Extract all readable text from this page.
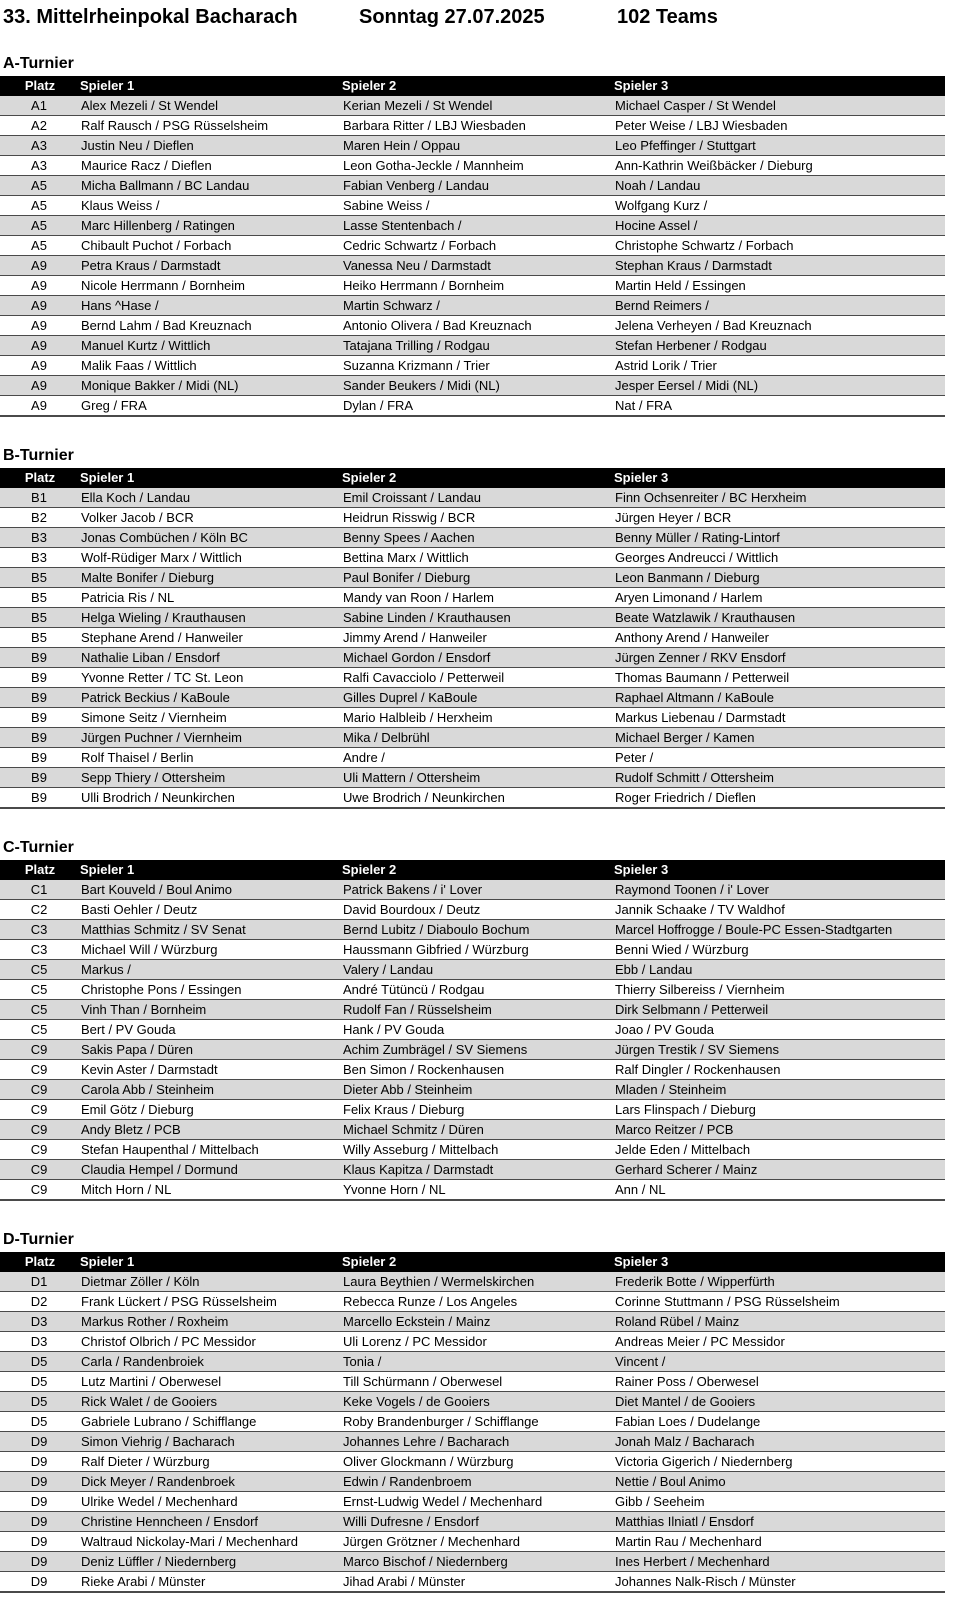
33. Mittelrheinpokal Bacharach	Sonntag 27.07.2025	102 Teams
A-Turnier
Platz	Spieler 1	Spieler 2	Spieler 3
A1	Alex Mezeli / St Wendel	Kerian Mezeli / St Wendel	Michael Casper / St Wendel
A2	Ralf Rausch / PSG Rüsselsheim	Barbara Ritter / LBJ Wiesbaden	Peter Weise / LBJ Wiesbaden
A3	Justin Neu / Dieflen	Maren Hein / Oppau	Leo Pfeffinger / Stuttgart
A3	Maurice Racz / Dieflen	Leon Gotha-Jeckle / Mannheim	Ann-Kathrin Weißbäcker / Dieburg
A5	Micha Ballmann / BC Landau	Fabian Venberg / Landau	Noah / Landau
A5	Klaus Weiss /	Sabine Weiss /	Wolfgang Kurz /
A5	Marc Hillenberg / Ratingen	Lasse Stentenbach /	Hocine Assel /
A5	Chibault Puchot / Forbach	Cedric Schwartz / Forbach	Christophe Schwartz / Forbach
A9	Petra Kraus / Darmstadt	Vanessa Neu / Darmstadt	Stephan Kraus / Darmstadt
A9	Nicole Herrmann / Bornheim	Heiko Herrmann / Bornheim	Martin Held / Essingen
A9	Hans ^Hase /	Martin Schwarz /	Bernd Reimers /
A9	Bernd Lahm / Bad Kreuznach	Antonio Olivera / Bad Kreuznach	Jelena Verheyen / Bad Kreuznach
A9	Manuel Kurtz / Wittlich	Tatajana Trilling / Rodgau	Stefan Herbener / Rodgau
A9	Malik Faas / Wittlich	Suzanna Krizmann / Trier	Astrid Lorik / Trier
A9	Monique Bakker / Midi (NL)	Sander Beukers / Midi (NL)	Jesper Eersel / Midi (NL)
A9	Greg / FRA	Dylan / FRA	Nat / FRA
B-Turnier
Platz	Spieler 1	Spieler 2	Spieler 3
B1	Ella Koch / Landau	Emil Croissant / Landau	Finn Ochsenreiter / BC Herxheim
B2	Volker Jacob / BCR	Heidrun Risswig / BCR	Jürgen Heyer / BCR
B3	Jonas Combüchen / Köln BC	Benny Spees / Aachen	Benny Müller / Rating-Lintorf
B3	Wolf-Rüdiger Marx / Wittlich	Bettina Marx / Wittlich	Georges Andreucci / Wittlich
B5	Malte Bonifer / Dieburg	Paul Bonifer / Dieburg	Leon Banmann / Dieburg
B5	Patricia Ris / NL	Mandy van Roon / Harlem	Aryen Limonand / Harlem
B5	Helga Wieling / Krauthausen	Sabine Linden / Krauthausen	Beate Watzlawik / Krauthausen
B5	Stephane Arend / Hanweiler	Jimmy Arend / Hanweiler	Anthony Arend / Hanweiler
B9	Nathalie Liban / Ensdorf	Michael Gordon / Ensdorf	Jürgen Zenner / RKV Ensdorf
B9	Yvonne Retter / TC St. Leon	Ralfi Cavacciolo / Petterweil	Thomas Baumann / Petterweil
B9	Patrick Beckius / KaBoule	Gilles Duprel / KaBoule	Raphael Altmann / KaBoule
B9	Simone Seitz / Viernheim	Mario Halbleib / Herxheim	Markus Liebenau / Darmstadt
B9	Jürgen Puchner / Viernheim	Mika / Delbrühl	Michael Berger / Kamen
B9	Rolf Thaisel / Berlin	Andre /	Peter /
B9	Sepp Thiery / Ottersheim	Uli Mattern / Ottersheim	Rudolf Schmitt / Ottersheim
B9	Ulli Brodrich / Neunkirchen	Uwe Brodrich / Neunkirchen	Roger Friedrich / Dieflen
C-Turnier
Platz	Spieler 1	Spieler 2	Spieler 3
C1	Bart Kouveld / Boul Animo	Patrick Bakens / i' Lover	Raymond Toonen / i' Lover
C2	Basti Oehler / Deutz	David Bourdoux / Deutz	Jannik Schaake / TV Waldhof
C3	Matthias Schmitz / SV Senat	Bernd Lubitz / Diaboulo Bochum	Marcel Hoffrogge / Boule-PC Essen-Stadtgarten
C3	Michael Will / Würzburg	Haussmann Gibfried / Würzburg	Benni Wied / Würzburg
C5	Markus /	Valery / Landau	Ebb / Landau
C5	Christophe Pons / Essingen	André Tütüncü / Rodgau	Thierry Silbereiss / Viernheim
C5	Vinh Than / Bornheim	Rudolf Fan / Rüsselsheim	Dirk Selbmann / Petterweil
C5	Bert / PV Gouda	Hank / PV Gouda	Joao / PV Gouda
C9	Sakis Papa / Düren	Achim Zumbrägel / SV Siemens	Jürgen Trestik / SV Siemens
C9	Kevin Aster / Darmstadt	Ben Simon / Rockenhausen	Ralf Dingler / Rockenhausen
C9	Carola Abb / Steinheim	Dieter Abb / Steinheim	Mladen / Steinheim
C9	Emil Götz / Dieburg	Felix Kraus / Dieburg	Lars Flinspach / Dieburg
C9	Andy Bletz / PCB	Michael Schmitz / Düren	Marco Reitzer / PCB
C9	Stefan Haupenthal / Mittelbach	Willy Asseburg / Mittelbach	Jelde Eden / Mittelbach
C9	Claudia Hempel / Dormund	Klaus Kapitza / Darmstadt	Gerhard Scherer / Mainz
C9	Mitch Horn / NL	Yvonne Horn / NL	Ann / NL
D-Turnier
Platz	Spieler 1	Spieler 2	Spieler 3
D1	Dietmar Zöller / Köln	Laura Beythien / Wermelskirchen	Frederik Botte / Wipperfürth
D2	Frank Lückert / PSG Rüsselsheim	Rebecca Runze / Los Angeles	Corinne Stuttmann / PSG Rüsselsheim
D3	Markus Rother / Roxheim	Marcello Eckstein / Mainz	Roland Rübel / Mainz
D3	Christof Olbrich / PC Messidor	Uli Lorenz / PC Messidor	Andreas Meier / PC Messidor
D5	Carla / Randenbroiek	Tonia /	Vincent /
D5	Lutz Martini / Oberwesel	Till Schürmann / Oberwesel	Rainer Poss / Oberwesel
D5	Rick Walet / de Gooiers	Keke Vogels / de Gooiers	Diet Mantel / de Gooiers
D5	Gabriele Lubrano / Schifflange	Roby Brandenburger / Schifflange	Fabian Loes / Dudelange
D9	Simon Viehrig / Bacharach	Johannes Lehre / Bacharach	Jonah Malz / Bacharach
D9	Ralf Dieter / Würzburg	Oliver Glockmann / Würzburg	Victoria Gigerich / Niedernberg
D9	Dick Meyer / Randenbroek	Edwin / Randenbroem	Nettie / Boul Animo
D9	Ulrike Wedel / Mechenhard	Ernst-Ludwig Wedel / Mechenhard	Gibb / Seeheim
D9	Christine Henncheen / Ensdorf	Willi Dufresne / Ensdorf	Matthias Ilniatl / Ensdorf
D9	Waltraud Nickolay-Mari / Mechenhard	Jürgen Grötzner / Mechenhard	Martin Rau / Mechenhard
D9	Deniz Lüffler / Niedernberg	Marco Bischof / Niedernberg	Ines Herbert / Mechenhard
D9	Rieke Arabi / Münster	Jihad Arabi / Münster	Johannes Nalk-Risch / Münster
